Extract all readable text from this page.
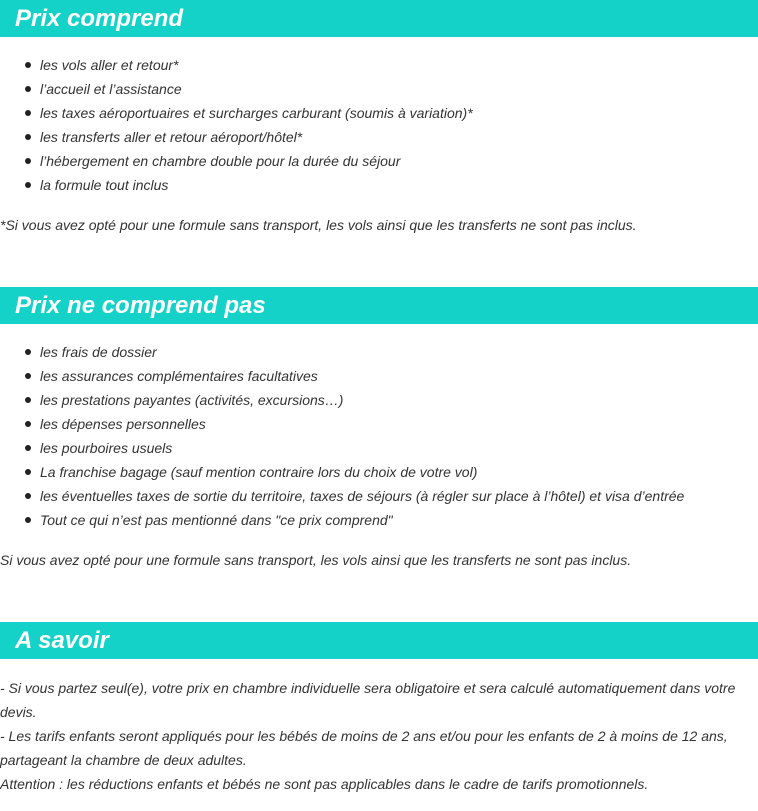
Prix comprend
les vols aller et retour*
l’accueil et l’assistance
les taxes aéroportuaires et surcharges carburant (soumis à variation)*
les transferts aller et retour aéroport/hôtel*
l’hébergement en chambre double pour la durée du séjour
la formule tout inclus

*Si vous avez opté pour une formule sans transport, les vols ainsi que les transferts ne sont pas inclus.

Prix ne comprend pas
les frais de dossier
les assurances complémentaires facultatives
les prestations payantes (activités, excursions…)
les dépenses personnelles
les pourboires usuels
La franchise bagage (sauf mention contraire lors du choix de votre vol)
les éventuelles taxes de sortie du territoire, taxes de séjours (à régler sur place à l’hôtel) et visa d’entrée
Tout ce qui n’est pas mentionné dans "ce prix comprend"

Si vous avez opté pour une formule sans transport, les vols ainsi que les transferts ne sont pas inclus.

A savoir

- Si vous partez seul(e), votre prix en chambre individuelle sera obligatoire et sera calculé automatiquement dans votre devis.

- Les tarifs enfants seront appliqués pour les bébés de moins de 2 ans et/ou pour les enfants de 2 à moins de 12 ans, partageant la chambre de deux adultes.

Attention : les réductions enfants et bébés ne sont pas applicables dans le cadre de tarifs promotionnels.
